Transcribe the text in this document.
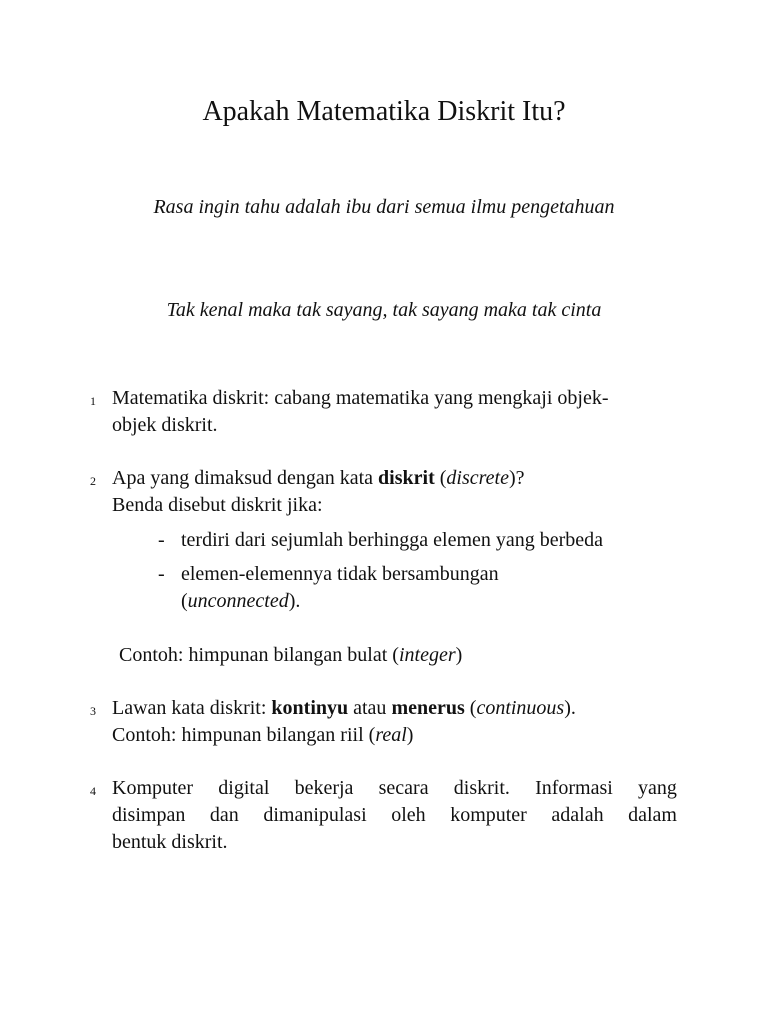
Apakah Matematika Diskrit Itu?
Rasa ingin tahu adalah ibu dari semua ilmu pengetahuan
Tak kenal maka tak sayang, tak sayang maka tak cinta
1 Matematika diskrit: cabang matematika yang mengkaji objek-
objek diskrit.
2 Apa yang dimaksud dengan kata diskrit (discrete)?
Benda disebut diskrit jika:
- terdiri dari sejumlah berhingga elemen yang berbeda
- elemen-elemennya tidak bersambungan
(unconnected).
Contoh: himpunan bilangan bulat (integer)
3 Lawan kata diskrit: kontinyu atau menerus (continuous).
Contoh: himpunan bilangan riil (real)
4 Komputer digital bekerja secara diskrit. Informasi yang
disimpan dan dimanipulasi oleh komputer adalah dalam
bentuk diskrit.
